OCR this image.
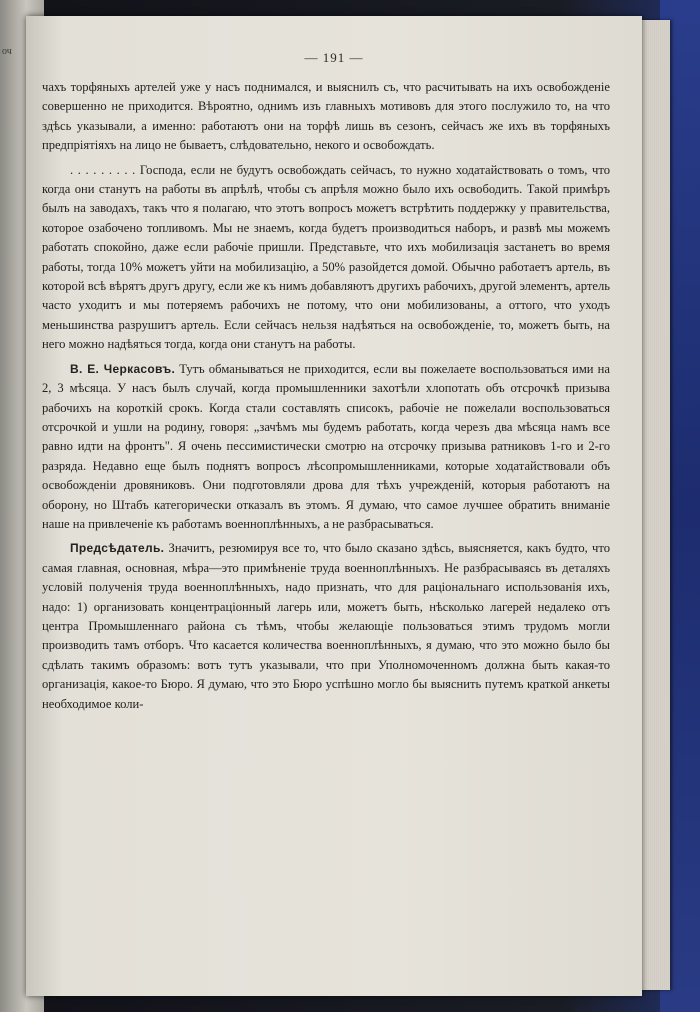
оч	— 191 —

чахъ торфяныхъ артелей уже у насъ поднимался, и выяснилъ съ, что расчитывать на ихъ освобожденіе совершенно не приходится. Вѣроятно, однимъ изъ главныхъ мотивовъ для этого послужило то, на что здѣсь указывали, а именно: работаютъ они на торфѣ лишь въ сезонъ, сейчасъ же ихъ въ торфяныхъ предпріятіяхъ на лицо не бываетъ, слѣдовательно, некого и освобождать.

. . . . . . . . . Господа, если не будутъ освобождать сейчасъ, то нужно ходатайствовать о томъ, что когда они станутъ на работы въ апрѣлѣ, чтобы съ апрѣля можно было ихъ освободить. Такой примѣръ былъ на заводахъ, такъ что я полагаю, что этотъ вопросъ можетъ встрѣтить поддержку у правительства, которое озабочено топливомъ. Мы не знаемъ, когда будетъ производиться наборъ, и развѣ мы можемъ работать спокойно, даже если рабочіе пришли. Представьте, что ихъ мобилизація застанетъ во время работы, тогда 10% можетъ уйти на мобилизацію, а 50% разойдется домой. Обычно работаетъ артель, въ которой всѣ вѣрятъ другъ другу, если же къ нимъ добавляютъ другихъ рабочихъ, другой элементъ, артель часто уходитъ и мы потеряемъ рабочихъ не потому, что они мобилизованы, а оттого, что уходъ меньшинства разрушитъ артель. Если сейчасъ нельзя надѣяться на освобожденіе, то, можетъ быть, на него можно надѣяться тогда, когда они станутъ на работы.

В. Е. Черкасовъ. Тутъ обманываться не приходится, если вы пожелаете воспользоваться ими на 2, 3 мѣсяца. У насъ былъ случай, когда промышленники захотѣли хлопотать объ отсрочкѣ призыва рабочихъ на короткій срокъ. Когда стали составлять списокъ, рабочіе не пожелали воспользоваться отсрочкой и ушли на родину, говоря: „зачѣмъ мы будемъ работать, когда черезъ два мѣсяца намъ все равно идти на фронтъ". Я очень пессимистически смотрю на отсрочку призыва ратниковъ 1-го и 2-го разряда. Недавно еще былъ поднятъ вопросъ лѣсопромышленниками, которые ходатайствовали объ освобожденіи дровяниковъ. Они подготовляли дрова для тѣхъ учрежденій, которыя работаютъ на оборону, но Штабъ категорически отказалъ въ этомъ. Я думаю, что самое лучшее обратить вниманіе наше на привлеченіе къ работамъ военноплѣнныхъ, а не разбрасываться.

Предсѣдатель. Значитъ, резюмируя все то, что было сказано здѣсь, выясняется, какъ будто, что самая главная, основная, мѣра—это примѣненіе труда военноплѣнныхъ. Не разбрасываясь въ деталяхъ условій полученія труда военноплѣнныхъ, надо признать, что для раціональнаго использованія ихъ, надо: 1) организовать концентраціонный лагерь или, можетъ быть, нѣсколько лагерей недалеко отъ центра Промышленнаго района съ тѣмъ, чтобы желающіе пользоваться этимъ трудомъ могли производить тамъ отборъ. Что касается количества военноплѣнныхъ, я думаю, что это можно было бы сдѣлать такимъ образомъ: вотъ тутъ указывали, что при Уполномоченномъ должна быть какая-то организація, какое-то Бюро. Я думаю, что это Бюро успѣшно могло бы выяснить путемъ краткой анкеты необходимое коли-
